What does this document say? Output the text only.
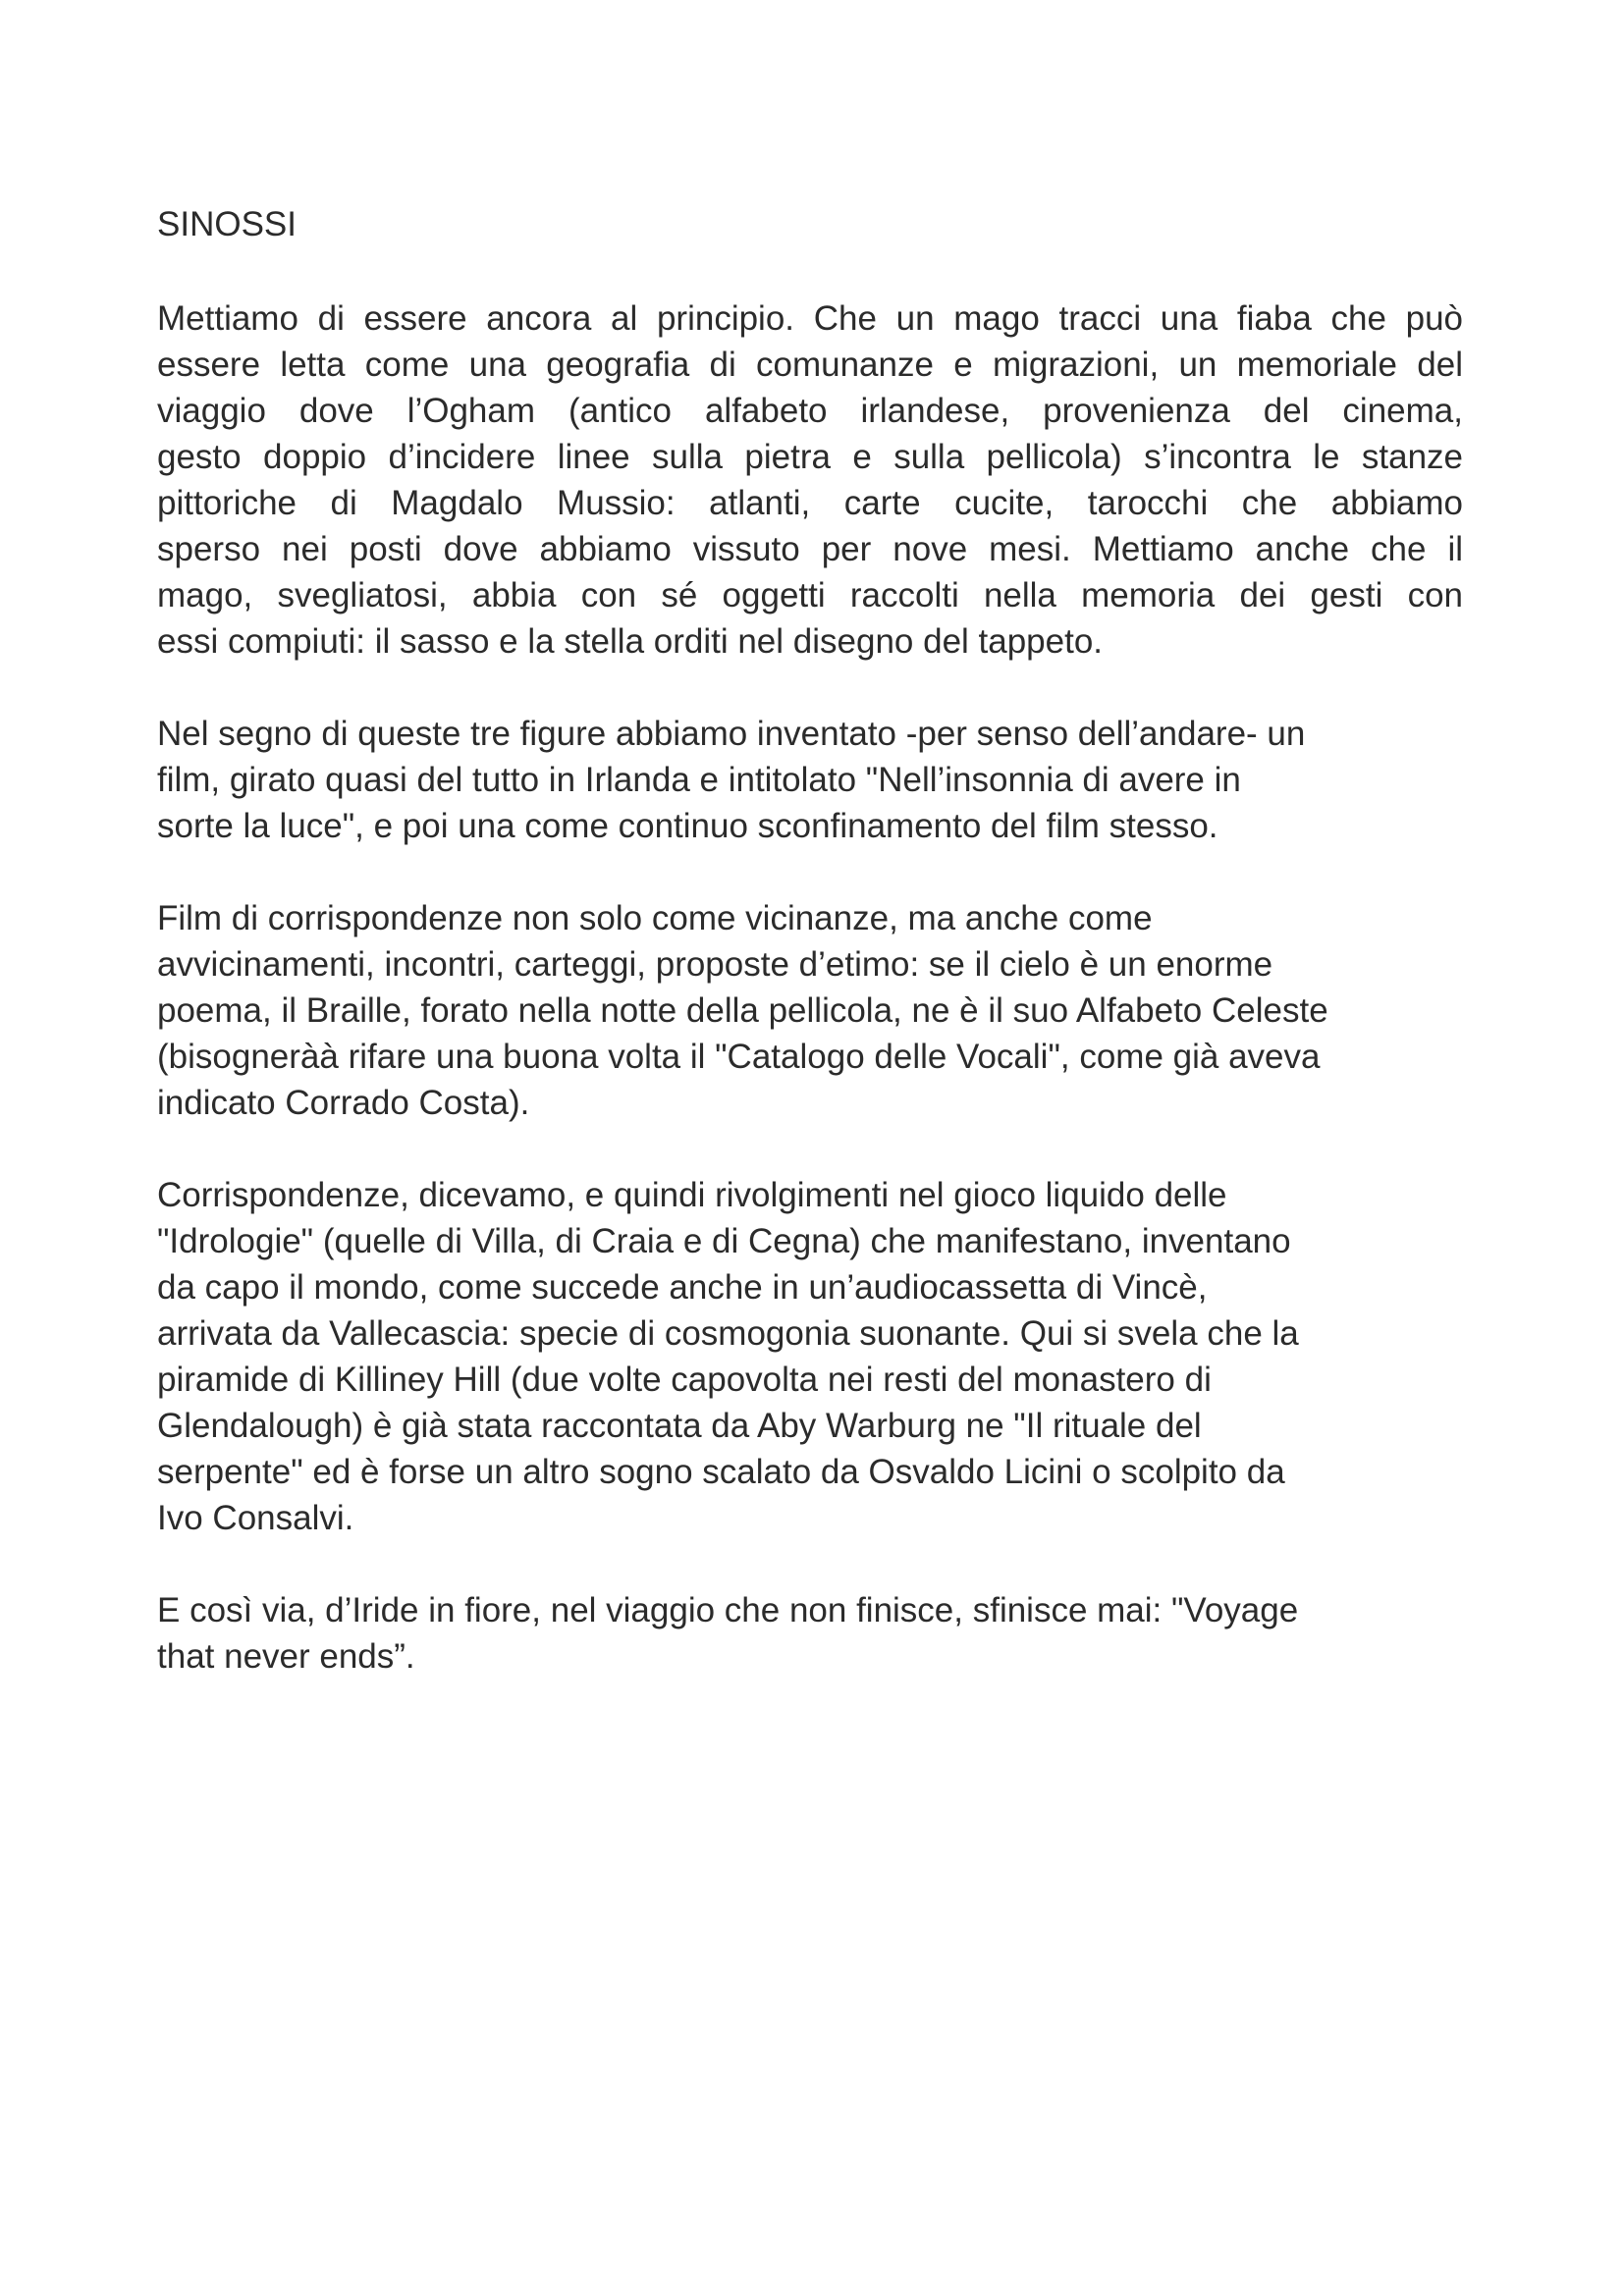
SINOSSI

Mettiamo di essere ancora al principio. Che un mago tracci una fiaba che può
essere letta come una geografia di comunanze e migrazioni, un memoriale del
viaggio dove l’Ogham (antico alfabeto irlandese, provenienza del cinema,
gesto doppio d’incidere linee sulla pietra e sulla pellicola) s’incontra le stanze
pittoriche di Magdalo Mussio: atlanti, carte cucite, tarocchi che abbiamo
sperso nei posti dove abbiamo vissuto per nove mesi. Mettiamo anche che il
mago, svegliatosi, abbia con sé oggetti raccolti nella memoria dei gesti con
essi compiuti: il sasso e la stella orditi nel disegno del tappeto.

Nel segno di queste tre figure abbiamo inventato -per senso dell’andare- un
film, girato quasi del tutto in Irlanda e intitolato "Nell’insonnia di avere in
sorte la luce", e poi una come continuo sconfinamento del film stesso.

Film di corrispondenze non solo come vicinanze, ma anche come
avvicinamenti, incontri, carteggi, proposte d’etimo: se il cielo è un enorme
poema, il Braille, forato nella notte della pellicola, ne è il suo Alfabeto Celeste
(bisogneràà rifare una buona volta il "Catalogo delle Vocali", come già aveva
indicato Corrado Costa).

Corrispondenze, dicevamo, e quindi rivolgimenti nel gioco liquido delle
"Idrologie" (quelle di Villa, di Craia e di Cegna) che manifestano, inventano
da capo il mondo, come succede anche in un’audiocassetta di Vincè,
arrivata da Vallecascia: specie di cosmogonia suonante. Qui si svela che la
piramide di Killiney Hill (due volte capovolta nei resti del monastero di
Glendalough) è già stata raccontata da Aby Warburg ne "Il rituale del
serpente" ed è forse un altro sogno scalato da Osvaldo Licini o scolpito da
Ivo Consalvi.

E così via, d’Iride in fiore, nel viaggio che non finisce, sfinisce mai: "Voyage
that never ends”.
